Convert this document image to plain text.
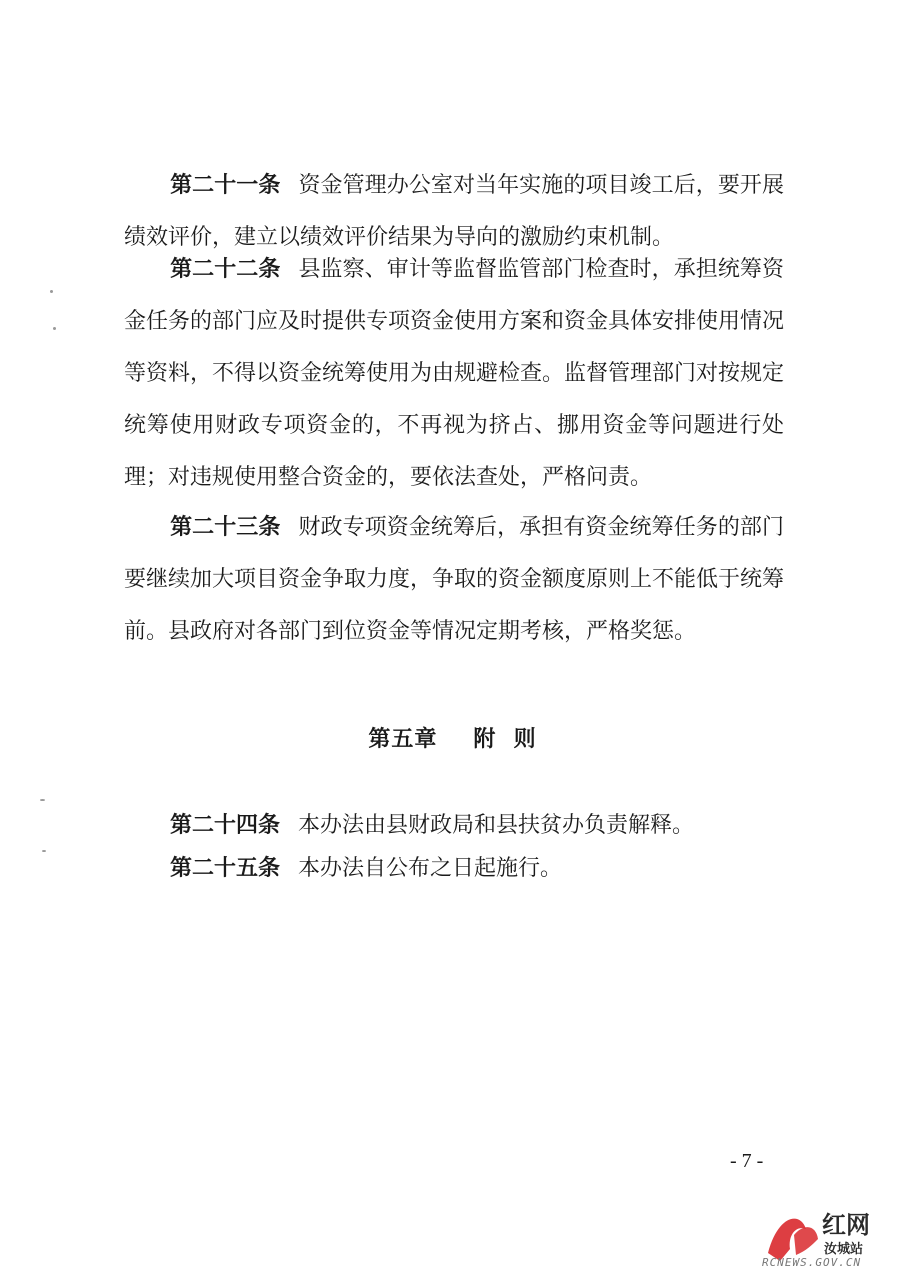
第二十一条 资金管理办公室对当年实施的项目竣工后，要开展绩效评价，建立以绩效评价结果为导向的激励约束机制。

第二十二条 县监察、审计等监督监管部门检查时，承担统筹资金任务的部门应及时提供专项资金使用方案和资金具体安排使用情况等资料，不得以资金统筹使用为由规避检查。监督管理部门对按规定统筹使用财政专项资金的，不再视为挤占、挪用资金等问题进行处理；对违规使用整合资金的，要依法查处，严格问责。

第二十三条 财政专项资金统筹后，承担有资金统筹任务的部门要继续加大项目资金争取力度，争取的资金额度原则上不能低于统筹前。县政府对各部门到位资金等情况定期考核，严格奖惩。

第五章 附  则

第二十四条 本办法由县财政局和县扶贫办负责解释。

第二十五条 本办法自公布之日起施行。

- 7 -
红网
汝城站
RCNEWS.GOV.CN
